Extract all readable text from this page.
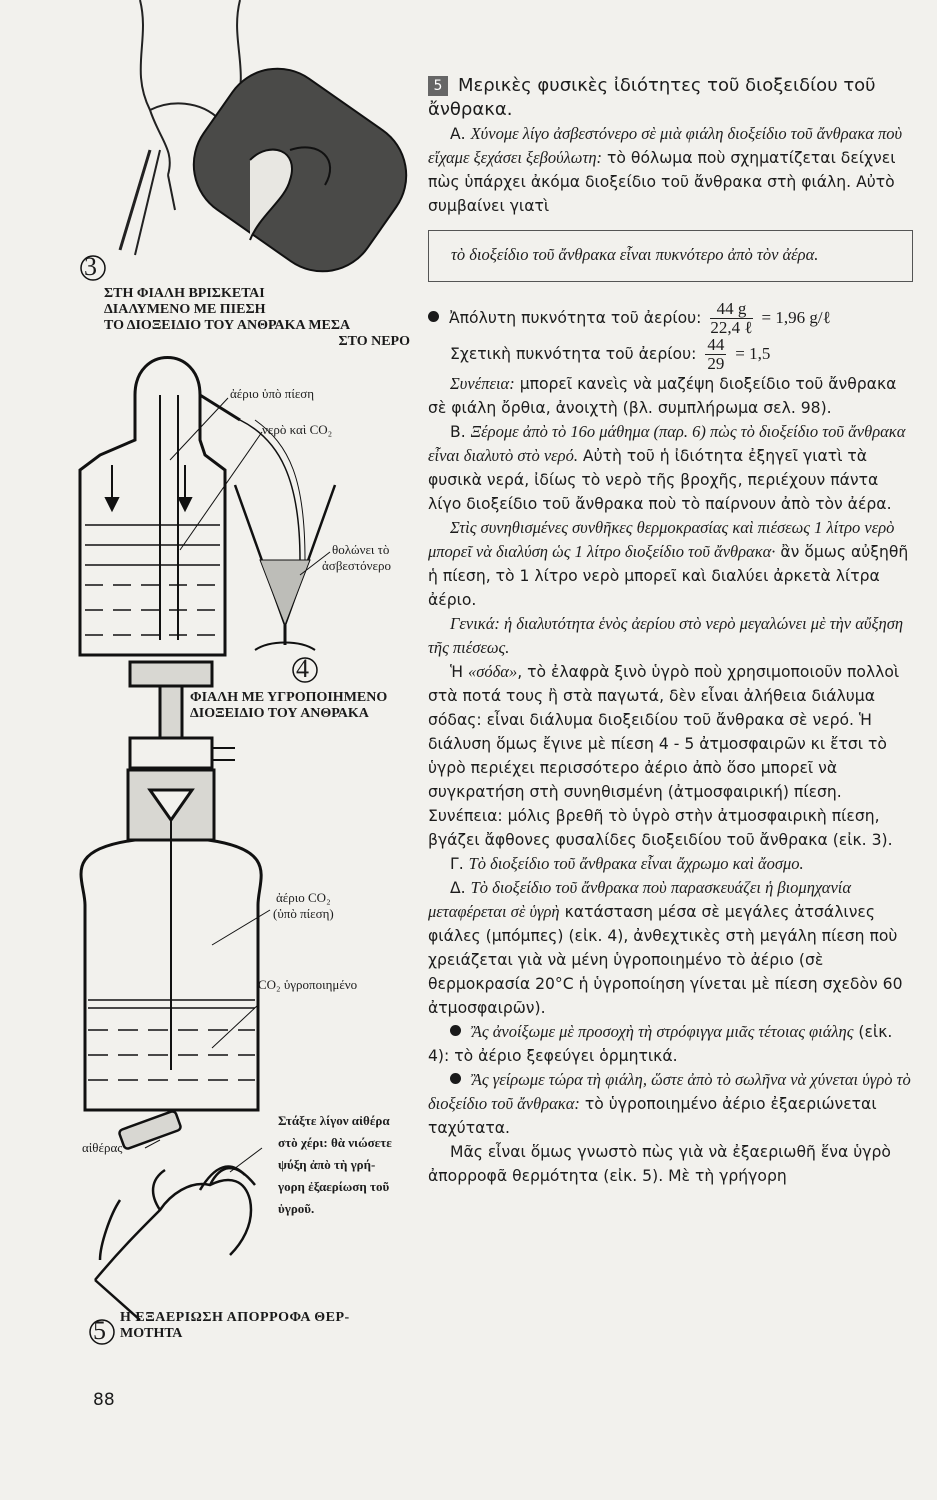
3
4
5
ΣΤΗ ΦΙΑΛΗ ΒΡΙΣΚΕΤΑΙ
ΔΙΑΛΥΜΕΝΟ ΜΕ ΠΙΕΣΗ
ΤΟ ΔΙΟΞΕΙΔΙΟ ΤΟΥ ΑΝΘΡΑΚΑ ΜΕΣΑ
ΣΤΟ ΝΕΡΟ
ἀέριο ὑπὸ πίεση
νερὸ καὶ CO₂
θολώνει τὸ
ἀσβεστόνερο
ΦΙΑΛΗ ΜΕ ΥΓΡΟΠΟΙΗΜΕΝΟ
ΔΙΟΞΕΙΔΙΟ ΤΟΥ ΑΝΘΡΑΚΑ
ἀέριο CO₂
(ὑπὸ πίεση)
CO₂ ὑγροποιημένο
αἰθέρας
Στάξτε λίγον αἰθέρα
στὸ χέρι: θὰ νιώσετε
ψύξη ἀπὸ τὴ γρή-
γορη ἐξαερίωση τοῦ
ὑγροῦ.
Η ΕΞΑΕΡΙΩΣΗ ΑΠΟΡΡΟΦΑ ΘΕΡ-
ΜΟΤΗΤΑ
88

5 Μερικὲς φυσικὲς ἰδιότητες τοῦ διοξειδίου τοῦ ἄνθρακα.

Α. Χύνομε λίγο ἀσβεστόνερο σὲ μιὰ φιάλη διοξείδιο τοῦ ἄνθρακα ποὺ εἴχαμε ξεχάσει ξεβούλωτη: τὸ θόλωμα ποὺ σχηματίζεται δείχνει πὼς ὑπάρχει ἀκόμα διοξείδιο τοῦ ἄνθρακα στὴ φιάλη. Αὐτὸ συμβαίνει γιατὶ

τὸ διοξείδιο τοῦ ἄνθρακα εἶναι πυκνότερο ἀπὸ τὸν ἀέρα.
Ἀπόλυτη πυκνότητα τοῦ ἀερίου: $\frac{44 g}{\text{22,4 ℓ}} = 1,96$ g/ℓ
Σχετικὴ πυκνότητα τοῦ ἀερίου: $\frac{44}{29} = 1,5$

Συνέπεια: μπορεῖ κανεὶς νὰ μαζέψη διοξείδιο τοῦ ἄνθρακα σὲ φιάλη ὄρθια, ἀνοιχτὴ (βλ. συμπλήρωμα σελ. 98).

Β. Ξέρομε ἀπὸ τὸ 16ο μάθημα (παρ. 6) πὼς τὸ διοξείδιο τοῦ ἄνθρακα εἶναι διαλυτὸ στὸ νερό. Αὐτὴ τοῦ ἡ ἰδιότητα ἐξηγεῖ γιατὶ τὰ φυσικὰ νερά, ἰδίως τὸ νερὸ τῆς βροχῆς, περιέχουν πάντα λίγο διοξείδιο τοῦ ἄνθρακα ποὺ τὸ παίρνουν ἀπὸ τὸν ἀέρα.

Στὶς συνηθισμένες συνθῆκες θερμοκρασίας καὶ πιέσεως 1 λίτρο νερὸ μπορεῖ νὰ διαλύση ὡς 1 λίτρο διοξείδιο τοῦ ἄνθρακα· ἂν ὅμως αὐξηθῆ ἡ πίεση, τὸ 1 λίτρο νερὸ μπορεῖ καὶ διαλύει ἀρκετὰ λίτρα ἀέριο.

Γενικά: ἡ διαλυτότητα ἑνὸς ἀερίου στὸ νερὸ μεγαλώνει μὲ τὴν αὔξηση τῆς πιέσεως.

Ἡ «σόδα», τὸ ἐλαφρὰ ξινὸ ὑγρὸ ποὺ χρησιμοποιοῦν πολλοὶ στὰ ποτά τους ἢ στὰ παγωτά, δὲν εἶναι ἀλήθεια διάλυμα σόδας: εἶναι διάλυμα διοξειδίου τοῦ ἄνθρακα σὲ νερό. Ἡ διάλυση ὅμως ἔγινε μὲ πίεση 4 - 5 ἀτμοσφαιρῶν κι ἔτσι τὸ ὑγρὸ περιέχει περισσότερο ἀέριο ἀπὸ ὅσο μπορεῖ νὰ συγκρατήση στὴ συνηθισμένη (ἀτμοσφαιρική) πίεση. Συνέπεια: μόλις βρεθῆ τὸ ὑγρὸ στὴν ἀτμοσφαιρικὴ πίεση, βγάζει ἄφθονες φυσαλίδες διοξειδίου τοῦ ἄνθρακα (εἰκ. 3).

Γ. Τὸ διοξείδιο τοῦ ἄνθρακα εἶναι ἄχρωμο καὶ ἄοσμο.

Δ. Τὸ διοξείδιο τοῦ ἄνθρακα ποὺ παρασκευάζει ἡ βιομηχανία μεταφέρεται σὲ ὑγρὴ κατάσταση μέσα σὲ μεγάλες ἀτσάλινες φιάλες (μπόμπες) (εἰκ. 4), ἀνθεχτικὲς στὴ μεγάλη πίεση ποὺ χρειάζεται γιὰ νὰ μένη ὑγροποιημένο τὸ ἀέριο (σὲ θερμοκρασία 20°C ἡ ὑγροποίηση γίνεται μὲ πίεση σχεδὸν 60 ἀτμοσφαιρῶν).

Ἂς ἀνοίξωμε μὲ προσοχὴ τὴ στρόφιγγα μιᾶς τέτοιας φιάλης (εἰκ. 4): τὸ ἀέριο ξεφεύγει ὁρμητικά.

Ἂς γείρωμε τώρα τὴ φιάλη, ὥστε ἀπὸ τὸ σωλῆνα νὰ χύνεται ὑγρὸ τὸ διοξείδιο τοῦ ἄνθρακα: τὸ ὑγροποιημένο ἀέριο ἐξαεριώνεται ταχύτατα.

Μᾶς εἶναι ὅμως γνωστὸ πὼς γιὰ νὰ ἐξαεριωθῆ ἕνα ὑγρὸ ἀπορροφᾶ θερμότητα (εἰκ. 5). Μὲ τὴ γρήγορη
